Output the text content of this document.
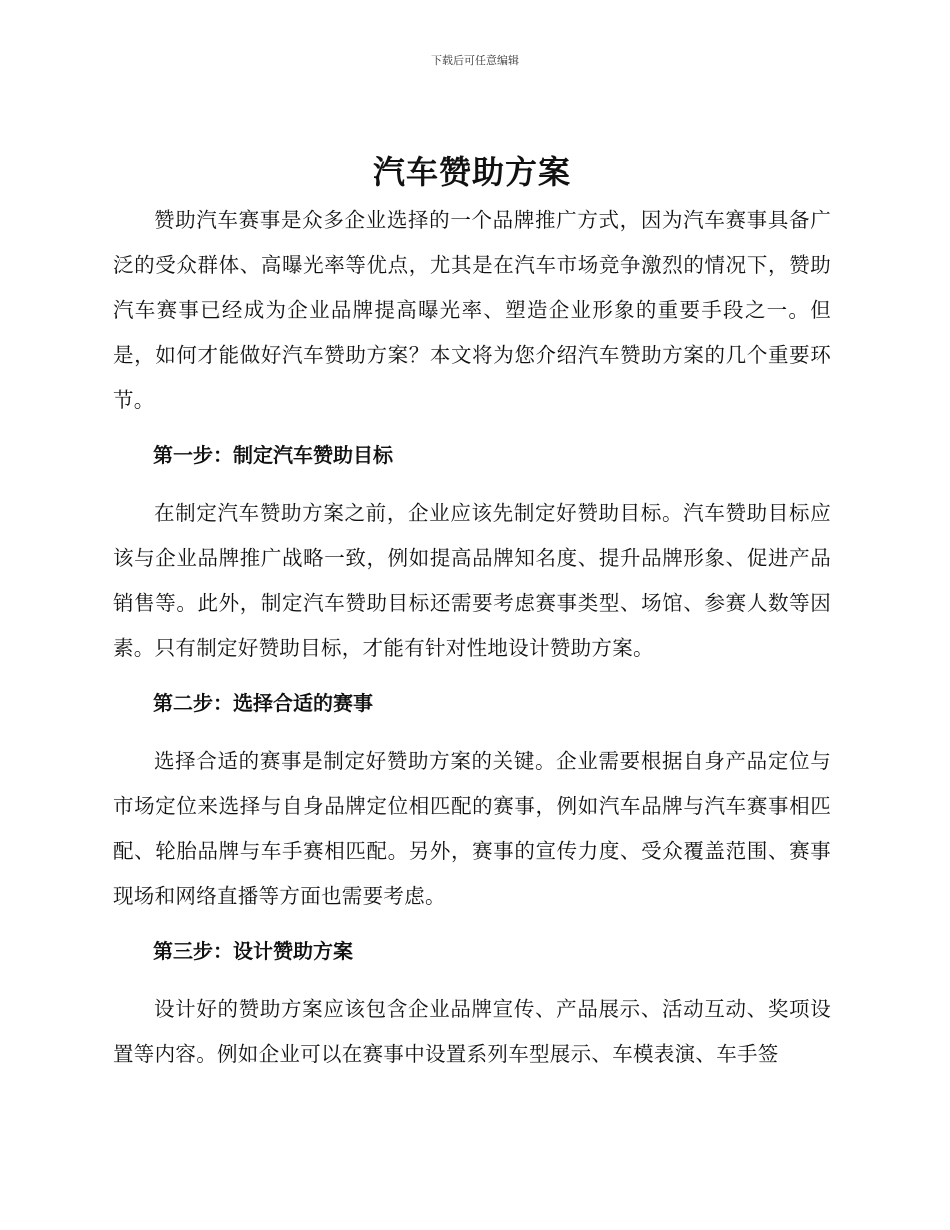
下载后可任意编辑
汽车赞助方案

赞助汽车赛事是众多企业选择的一个品牌推广方式，因为汽车赛事具备广泛的受众群体、高曝光率等优点，尤其是在汽车市场竞争激烈的情况下，赞助汽车赛事已经成为企业品牌提高曝光率、塑造企业形象的重要手段之一。但是，如何才能做好汽车赞助方案？本文将为您介绍汽车赞助方案的几个重要环节。

第一步：制定汽车赞助目标

在制定汽车赞助方案之前，企业应该先制定好赞助目标。汽车赞助目标应该与企业品牌推广战略一致，例如提高品牌知名度、提升品牌形象、促进产品销售等。此外，制定汽车赞助目标还需要考虑赛事类型、场馆、参赛人数等因素。只有制定好赞助目标，才能有针对性地设计赞助方案。

第二步：选择合适的赛事

选择合适的赛事是制定好赞助方案的关键。企业需要根据自身产品定位与市场定位来选择与自身品牌定位相匹配的赛事，例如汽车品牌与汽车赛事相匹配、轮胎品牌与车手赛相匹配。另外，赛事的宣传力度、受众覆盖范围、赛事现场和网络直播等方面也需要考虑。

第三步：设计赞助方案

设计好的赞助方案应该包含企业品牌宣传、产品展示、活动互动、奖项设置等内容。例如企业可以在赛事中设置系列车型展示、车模表演、车手签
